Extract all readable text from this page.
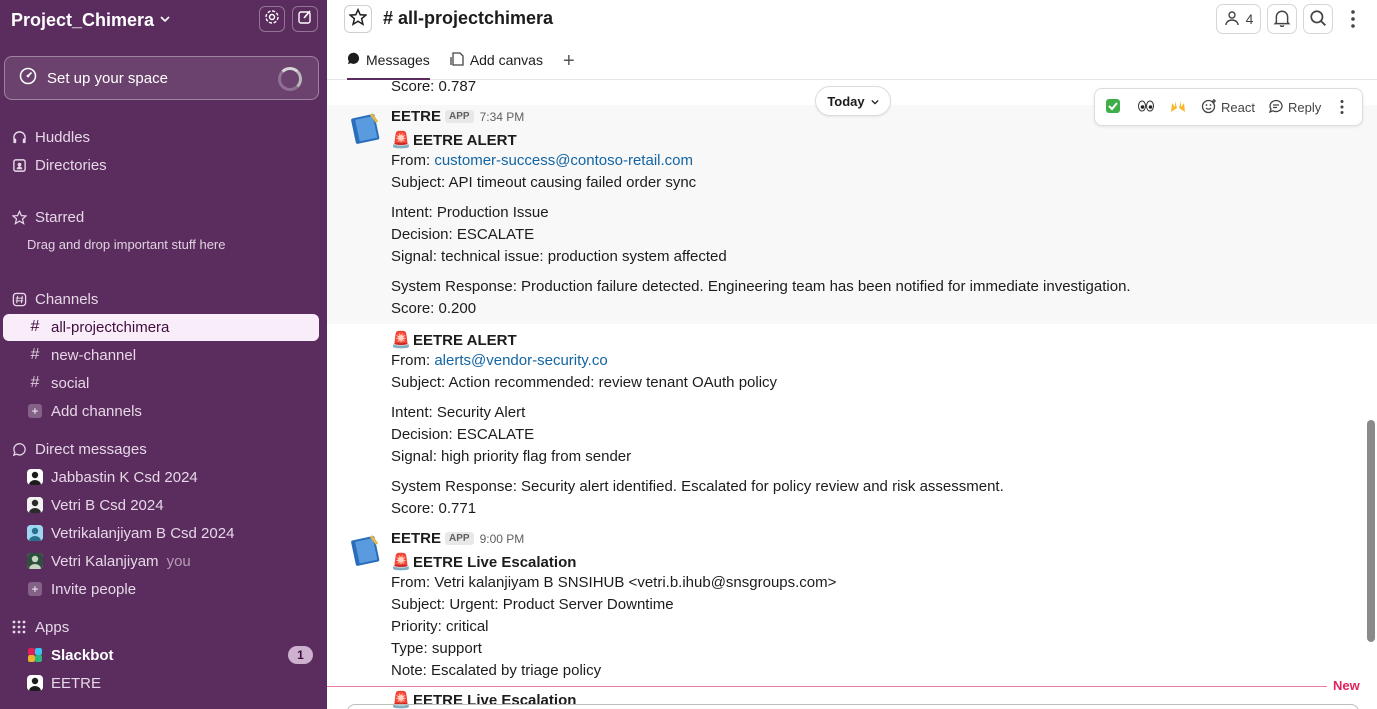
Project_Chimera
Set up your space
Huddles
Directories
Starred
Drag and drop important stuff here
Channels
# all-projectchimera
# new-channel
# social
+ Add channels
Direct messages
Jabbastin K Csd 2024
Vetri B Csd 2024
Vetrikalanjiyam B Csd 2024
Vetri Kalanjiyam you
+ Invite people
Apps
Slackbot	1
EETRE
# all-projectchimera	4
Messages	Add canvas +
Score: 0.787
EETRE APP 7:34 PM
🚨 EETRE ALERT
From: customer-success@contoso-retail.com
Subject: API timeout causing failed order sync
Intent: Production Issue
Decision: ESCALATE
Signal: technical issue: production system affected
System Response: Production failure detected. Engineering team has been notified for immediate investigation.
Score: 0.200
🚨 EETRE ALERT
From: alerts@vendor-security.co
Subject: Action recommended: review tenant OAuth policy
Intent: Security Alert
Decision: ESCALATE
Signal: high priority flag from sender
System Response: Security alert identified. Escalated for policy review and risk assessment.
Score: 0.771
EETRE APP 9:00 PM
🚨 EETRE Live Escalation
From: Vetri kalanjiyam B SNSIHUB <vetri.b.ihub@snsgroups.com>
Subject: Urgent: Product Server Downtime
Priority: critical
Type: support
Note: Escalated by triage policy
🚨 EETRE Live Escalation
New
Today	React	Reply
